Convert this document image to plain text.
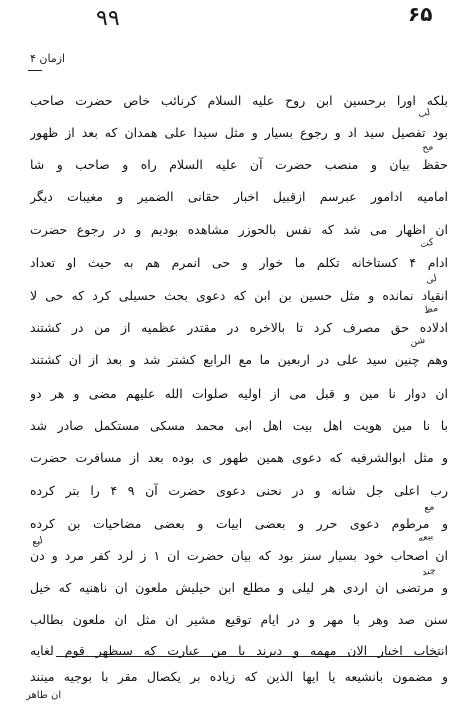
۹۹	۶۵
ازمان ۴
بلکه اورا برحسین ابن روح علیه السلام کرنائب خاص حضرت صاحب
بود تفصیل سید اد و رجوع بسیار و مثل سیدا علی همدان که بعد از ظهور
حقظ بیان و منصب حضرت آن علیه السلام راه و صاحب و شا
امامیه ادامور عبرسم ازقبیل اخبار حقانی الضمیر و مغیبات دیگر
ان اظهار می شد که نفس بالحوزر مشاهده بودیم و در رجوع حضرت
ادام ۴ کستاخانه تکلم ما خوار و حی انمرم هم به حیث او تعداد
انقیاد نمانده و مثل حسین بن ابن که دعوی بحث حسیلی کرد که حی لا
ادلاده حق مصرف کرد تا بالاخره در مقتدر عظمیه از من در کشتند
وهم چنین سید علی در اربعین ما مع الرابع کشتر شد و بعد از ان کشتند
ان دوار نا مین و قبل می از اولیه صلوات الله علیهم مضی و هر دو
با نا مین هویت اهل بیت اهل ابی محمد مسکی مستکمل صادر شد
و مثل ابوالشرفیه که دعوی همین طهور ی بوده بعد از مسافرت حضرت
رب اعلی جل شانه و در نحنی دعوی حضرت آن ۹ ۴ را بتر کرده
و مرطوم دعوی حرر و بعضی ابیات و بعضی مضاحیات بن کرده
ان اصحاب خود بسیار سنز بود که بیان حضرت ان ۱ ز لرد کفر مرد و دن
و مرتضی ان اردی هر لیلی و مطلع ابن حیلیش ملعون ان ناهنیه که خیل
سنن صد وهر با مهر و در ایام توقیع مشیر ان مثل ان ملعون بطالب
انتخاب اخبار الان مهمه و دیرند با من عبارت که سیظهر قوم لغایه
و مضمون بانشیعه یا ایها الذین که زیاده بر یکصال مقر با بوجیه مینند
لب
مح
کت
لی
مظ
شن
مع
بیعه
لیع
چند
ان طاهر
